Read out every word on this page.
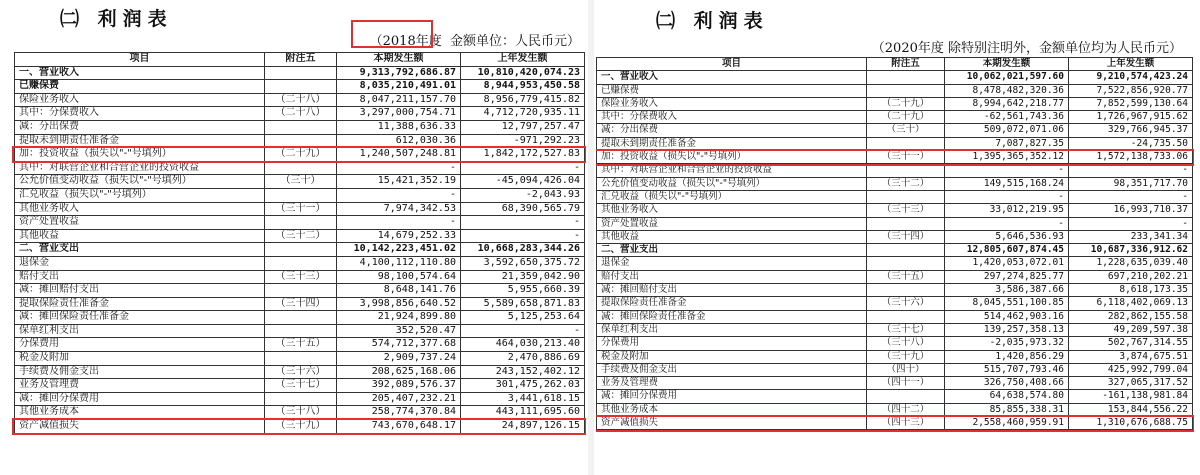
㈡ 利润表
（2018年度 金额单位：人民币元）
项目	附注五	本期发生额	上年发生额
一、营业收入		9,313,792,686.87	10,810,420,074.23
已赚保费		8,035,210,491.01	8,944,953,450.58
保险业务收入	（二十八）	8,047,211,157.70	8,956,779,415.82
其中：分保费收入	（二十八）	3,297,000,754.71	4,712,720,935.11
减：分出保费		11,388,636.33	12,797,257.47
提取未到期责任准备金		612,030.36	-971,292.23
加：投资收益（损失以"-"号填列）	（二十九）	1,240,507,248.81	1,842,172,527.83
其中：对联营企业和合营企业的投资收益		-	-
公允价值变动收益（损失以"-"号填列）	（三十）	15,421,352.19	-45,094,426.04
汇兑收益（损失以"-"号填列）		-	-2,043.93
其他业务收入	（三十一）	7,974,342.53	68,390,565.79
资产处置收益		-	-
其他收益	（三十二）	14,679,252.33	-
二、营业支出		10,142,223,451.02	10,668,283,344.26
退保金		4,100,112,110.80	3,592,650,375.72
赔付支出	（三十三）	98,100,574.64	21,359,042.90
减：摊回赔付支出		8,648,141.76	5,955,660.39
提取保险责任准备金	（三十四）	3,998,856,640.52	5,589,658,871.83
减：摊回保险责任准备金		21,924,899.80	5,125,253.64
保单红利支出		352,520.47	-
分保费用	（三十五）	574,712,377.68	464,030,213.40
税金及附加		2,909,737.24	2,470,886.69
手续费及佣金支出	（三十六）	208,625,168.06	243,152,402.12
业务及管理费	（三十七）	392,089,576.37	301,475,262.03
减：摊回分保费用		205,407,232.21	3,441,618.15
其他业务成本	（三十八）	258,774,370.84	443,111,695.60
资产减值损失	（三十九）	743,670,648.17	24,897,126.15
㈡ 利润表
（2020年度 除特别注明外，金额单位均为人民币元）
项目	附注五	本期发生额	上年发生额
一、营业收入		10,062,021,597.60	9,210,574,423.24
已赚保费		8,478,482,320.36	7,522,856,920.77
保险业务收入	（二十九）	8,994,642,218.77	7,852,599,130.64
其中：分保费收入	（二十九）	-62,561,743.36	1,726,967,915.62
减：分出保费	（三十）	509,072,071.06	329,766,945.37
提取未到期责任准备金		7,087,827.35	-24,735.50
加：投资收益（损失以"-"号填列）	（三十一）	1,395,365,352.12	1,572,138,733.06
其中：对联营企业和合营企业的投资收益		-	-
公允价值变动收益（损失以"-"号填列）	（三十二）	149,515,168.24	98,351,717.70
汇兑收益（损失以"-"号填列）		-	-
其他业务收入	（三十三）	33,012,219.95	16,993,710.37
资产处置收益		-	-
其他收益	（三十四）	5,646,536.93	233,341.34
二、营业支出		12,805,607,874.45	10,687,336,912.62
退保金		1,420,053,072.01	1,228,635,039.40
赔付支出	（三十五）	297,274,825.77	697,210,202.21
减：摊回赔付支出		3,586,387.66	8,618,173.35
提取保险责任准备金	（三十六）	8,045,551,100.85	6,118,402,069.13
减：摊回保险责任准备金		514,462,903.16	282,862,155.58
保单红利支出	（三十七）	139,257,358.13	49,209,597.38
分保费用	（三十八）	-2,035,973.32	502,767,314.55
税金及附加	（三十九）	1,420,856.29	3,874,675.51
手续费及佣金支出	（四十）	515,707,793.46	425,992,799.04
业务及管理费	（四十一）	326,750,408.66	327,065,317.52
减：摊回分保费用		64,638,574.80	-161,138,981.84
其他业务成本	（四十二）	85,855,338.31	153,844,556.22
资产减值损失	（四十三）	2,558,460,959.91	1,310,676,688.75
